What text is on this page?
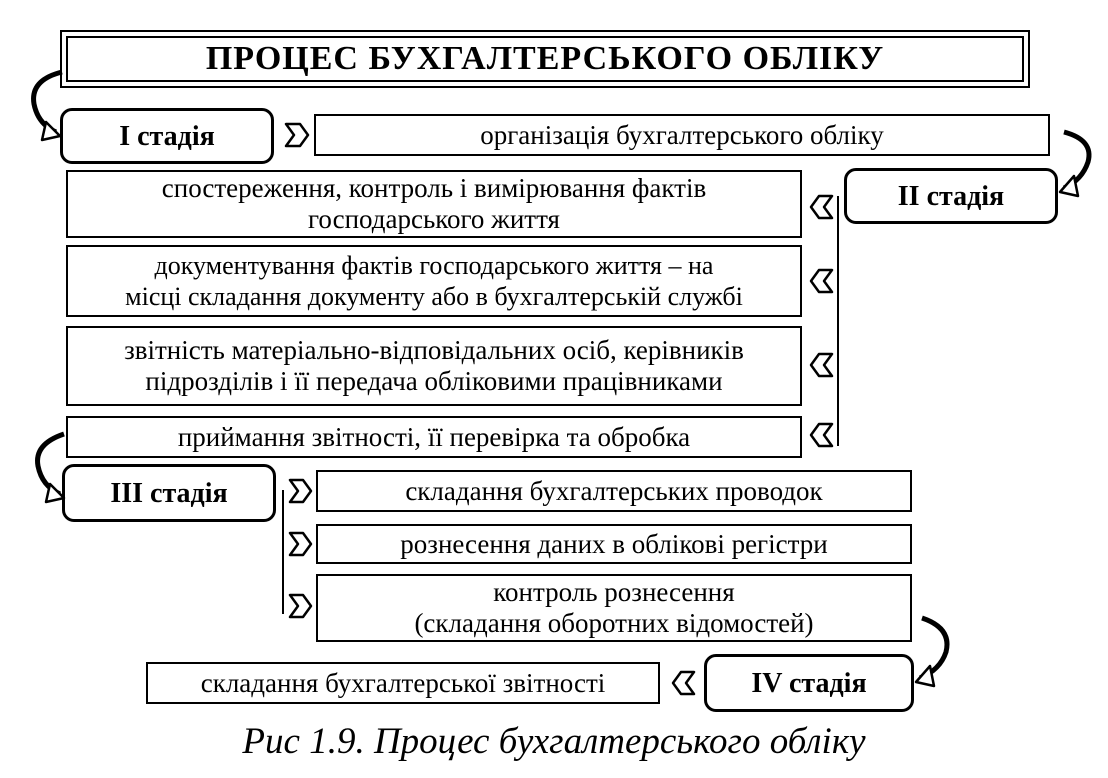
ПРОЦЕС БУХГАЛТЕРСЬКОГО ОБЛІКУ
I стадія	організація бухгалтерського обліку
II стадія
спостереження, контроль і вимірювання фактів
господарського життя
документування фактів господарського життя – на
місці складання документу або в бухгалтерській службі
звітність матеріально-відповідальних осіб, керівників
підрозділів і її передача обліковими працівниками
приймання звітності, її перевірка та обробка
III стадія	складання бухгалтерських проводок
рознесення даних в облікові регістри
контроль рознесення
(складання оборотних відомостей)
IV стадія
складання бухгалтерської звітності
Рис 1.9. Процес бухгалтерського обліку
